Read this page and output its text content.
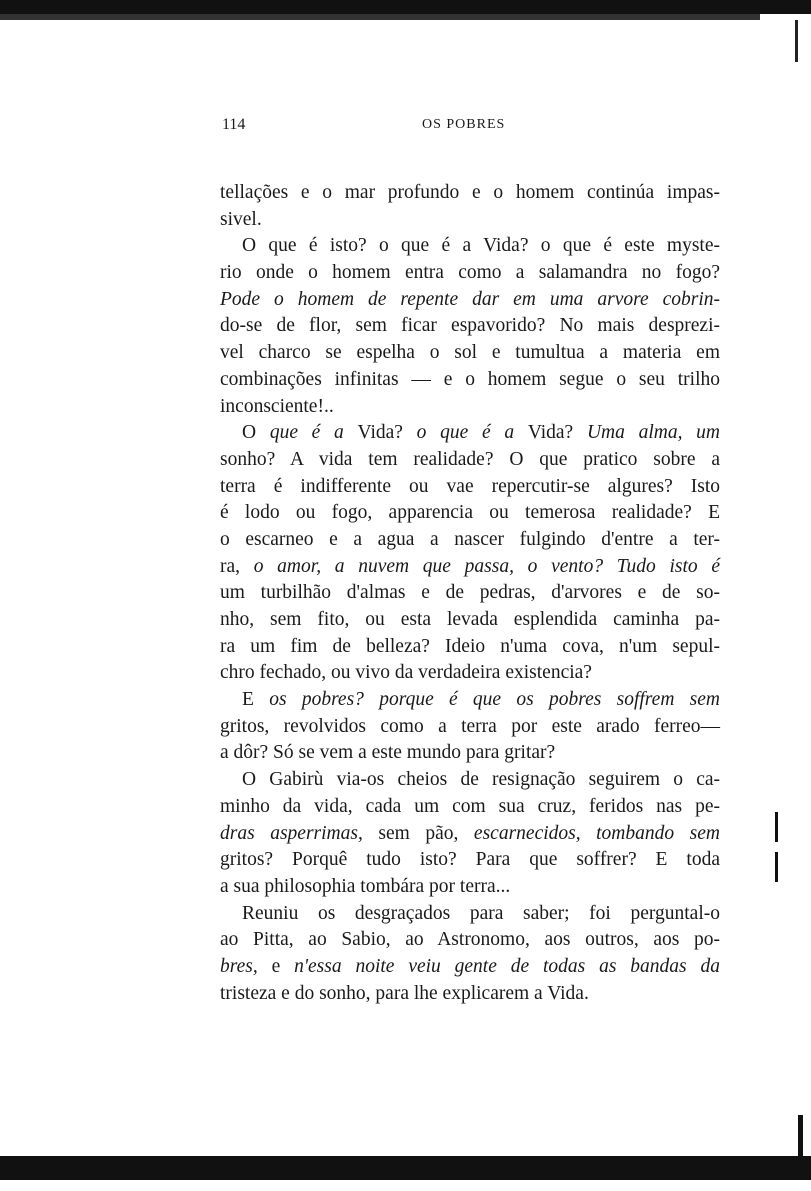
114	OS POBRES
tellações e o mar profundo e o homem continúa impas-
sivel.
O que é isto? o que é a Vida? o que é este myste-
rio onde o homem entra como a salamandra no fogo?
Pode o homem de repente dar em uma arvore cobrin-
do-se de flor, sem ficar espavorido? No mais desprezi-
vel charco se espelha o sol e tumultua a materia em
combinações infinitas — e o homem segue o seu trilho
inconsciente!..
O que é a Vida? o que é a Vida? Uma alma, um
sonho? A vida tem realidade? O que pratico sobre a
terra é indifferente ou vae repercutir-se algures? Isto
é lodo ou fogo, apparencia ou temerosa realidade? E
o escarneo e a agua a nascer fulgindo d'entre a ter-
ra, o amor, a nuvem que passa, o vento? Tudo isto é
um turbilhão d'almas e de pedras, d'arvores e de so-
nho, sem fito, ou esta levada esplendida caminha pa-
ra um fim de belleza? Ideio n'uma cova, n'um sepul-
chro fechado, ou vivo da verdadeira existencia?
E os pobres? porque é que os pobres soffrem sem
gritos, revolvidos como a terra por este arado ferreo—
a dôr? Só se vem a este mundo para gritar?
O Gabirù via-os cheios de resignação seguirem o ca-
minho da vida, cada um com sua cruz, feridos nas pe-
dras asperrimas, sem pão, escarnecidos, tombando sem
gritos? Porquê tudo isto? Para que soffrer? E toda
a sua philosophia tombára por terra...
Reuniu os desgraçados para saber; foi perguntal-o
ao Pitta, ao Sabio, ao Astronomo, aos outros, aos po-
bres, e n'essa noite veiu gente de todas as bandas da
tristeza e do sonho, para lhe explicarem a Vida.
